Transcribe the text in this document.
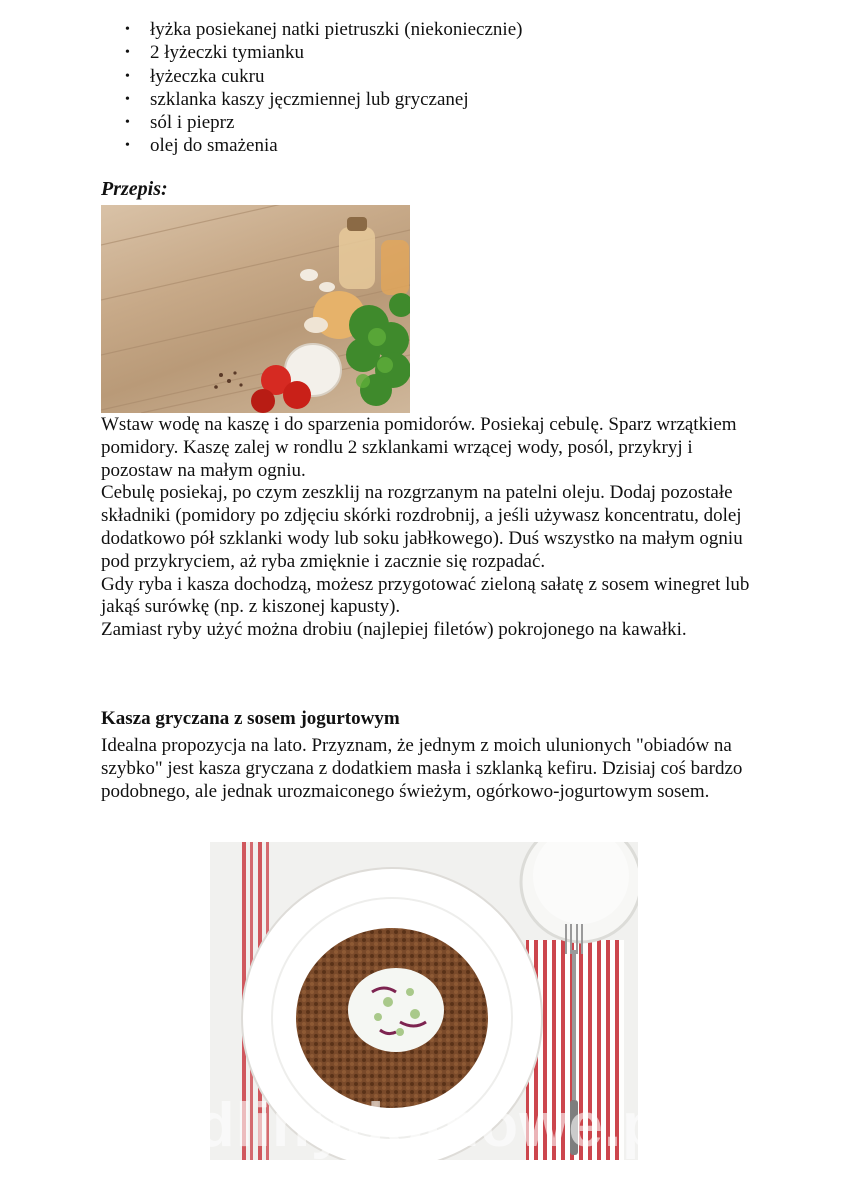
• łyżka posiekanej natki pietruszki (niekoniecznie)
• 2 łyżeczki tymianku
• łyżeczka cukru
• szklanka kaszy jęczmiennej lub gryczanej
• sól i pieprz
• olej do smażenia
Przepis:

Wstaw wodę na kaszę i do sparzenia pomidorów. Posiekaj cebulę. Sparz wrzątkiem pomidory. Kaszę zalej w rondlu 2 szklankami wrzącej wody, posól, przykryj i pozostaw na małym ogniu.

Cebulę posiekaj, po czym zeszklij na rozgrzanym na patelni oleju. Dodaj pozostałe składniki (pomidory po zdjęciu skórki rozdrobnij, a jeśli używasz koncentratu, dolej dodatkowo pół szklanki wody lub soku jabłkowego). Duś wszystko na małym ogniu pod przykryciem, aż ryba zmięknie i zacznie się rozpadać.

Gdy ryba i kasza dochodzą, możesz przygotować zieloną sałatę z sosem winegret lub jakąś surówkę (np. z kiszonej kapusty).

Zamiast ryby użyć można drobiu (najlepiej filetów) pokrojonego na kawałki.

Kasza gryczana z sosem jogurtowym

Idealna propozycja na lato. Przyznam, że jednym z moich ulunionych "obiadów na szybko" jest kasza gryczana z dodatkiem masła i szklanką kefiru. Dzisiaj coś bardzo podobnego, ale jednak urozmaiconego świeżym, ogórkowo-jogurtowym sosem.

wedlinydomowe.pl
